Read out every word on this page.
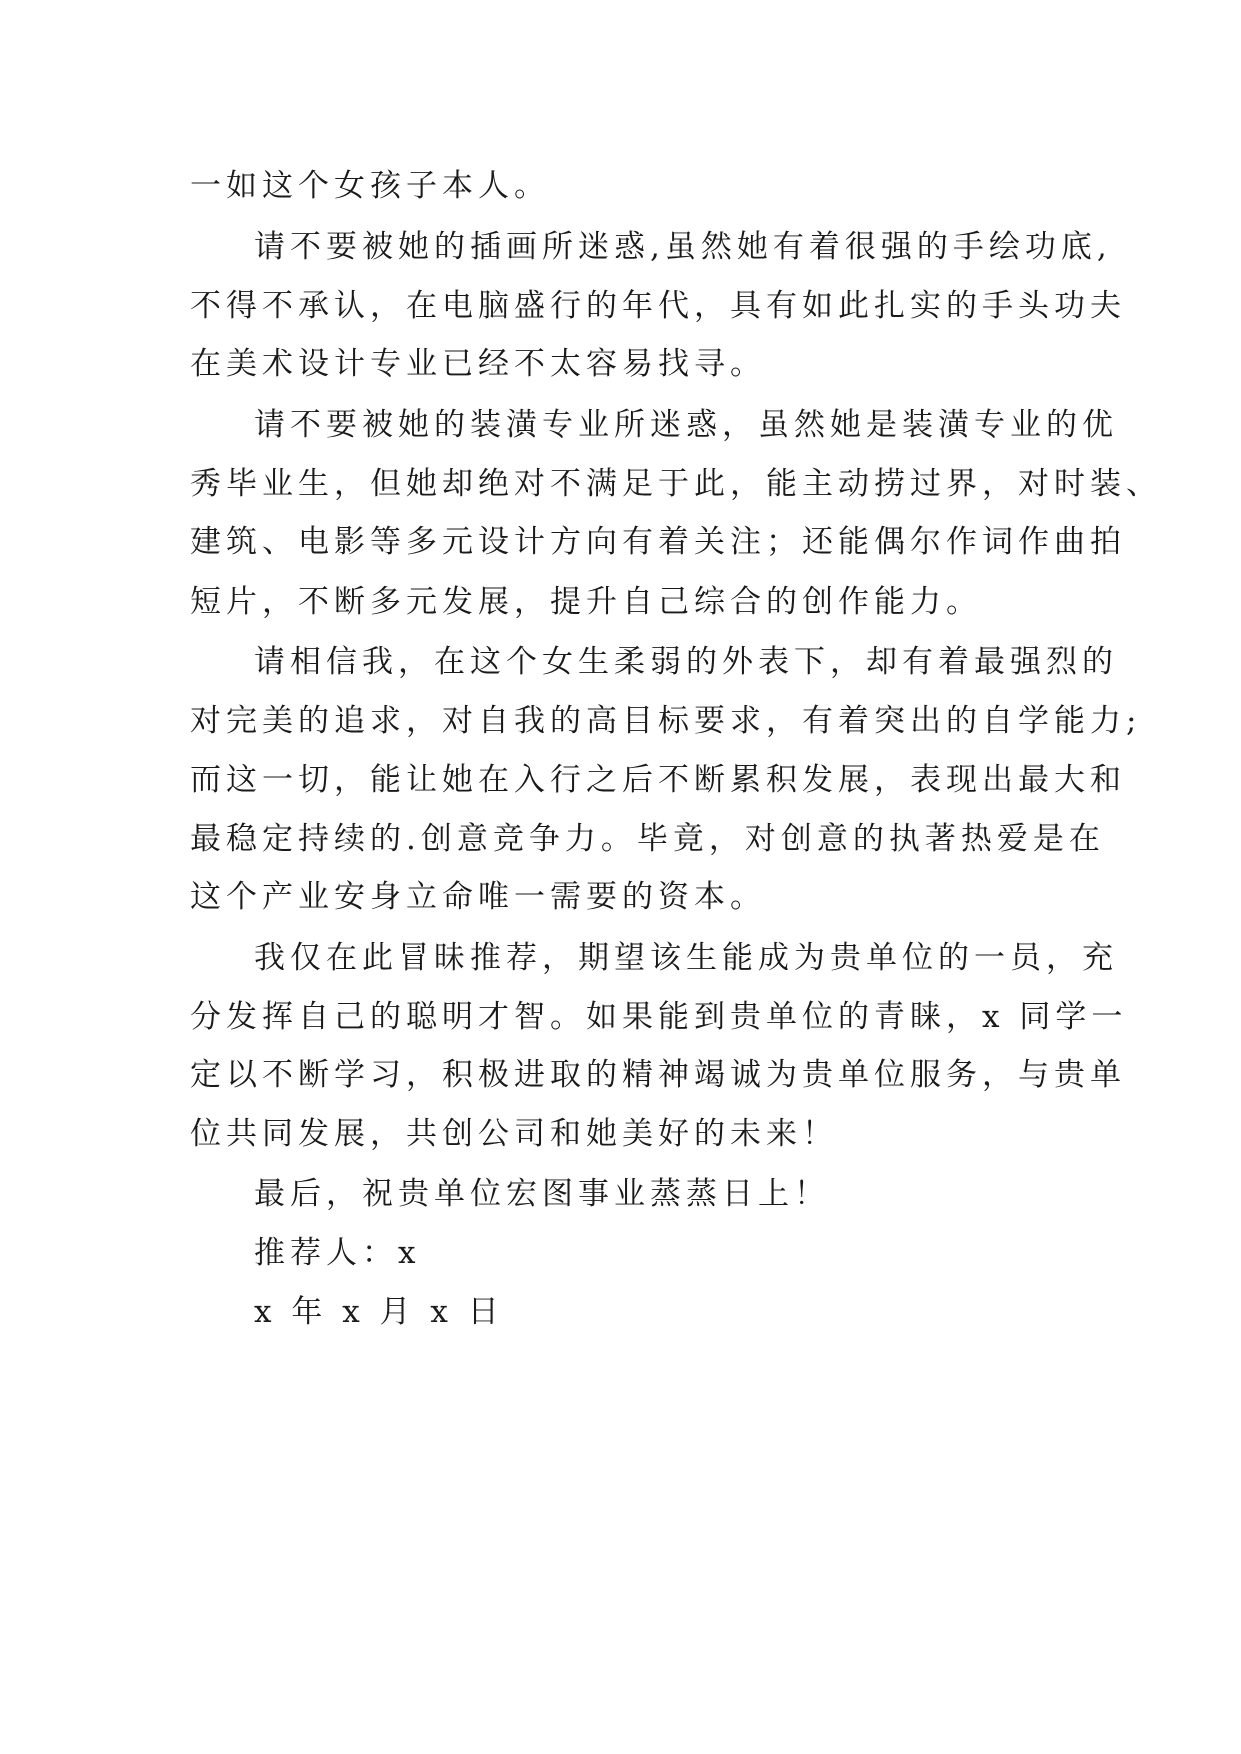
一如这个女孩子本人。
请不要被她的插画所迷惑,虽然她有着很强的手绘功底,
不得不承认，在电脑盛行的年代，具有如此扎实的手头功夫
在美术设计专业已经不太容易找寻。
请不要被她的装潢专业所迷惑，虽然她是装潢专业的优
秀毕业生，但她却绝对不满足于此，能主动捞过界，对时装、
建筑、电影等多元设计方向有着关注；还能偶尔作词作曲拍
短片，不断多元发展，提升自己综合的创作能力。
请相信我，在这个女生柔弱的外表下，却有着最强烈的
对完美的追求，对自我的高目标要求，有着突出的自学能力;
而这一切，能让她在入行之后不断累积发展，表现出最大和
最稳定持续的.创意竞争力。毕竟，对创意的执著热爱是在
这个产业安身立命唯一需要的资本。
我仅在此冒昧推荐，期望该生能成为贵单位的一员，充
分发挥自己的聪明才智。如果能到贵单位的青睐，x 同学一
定以不断学习，积极进取的精神竭诚为贵单位服务，与贵单
位共同发展，共创公司和她美好的未来！
最后，祝贵单位宏图事业蒸蒸日上！
推荐人：x
x 年 x 月 x 日
